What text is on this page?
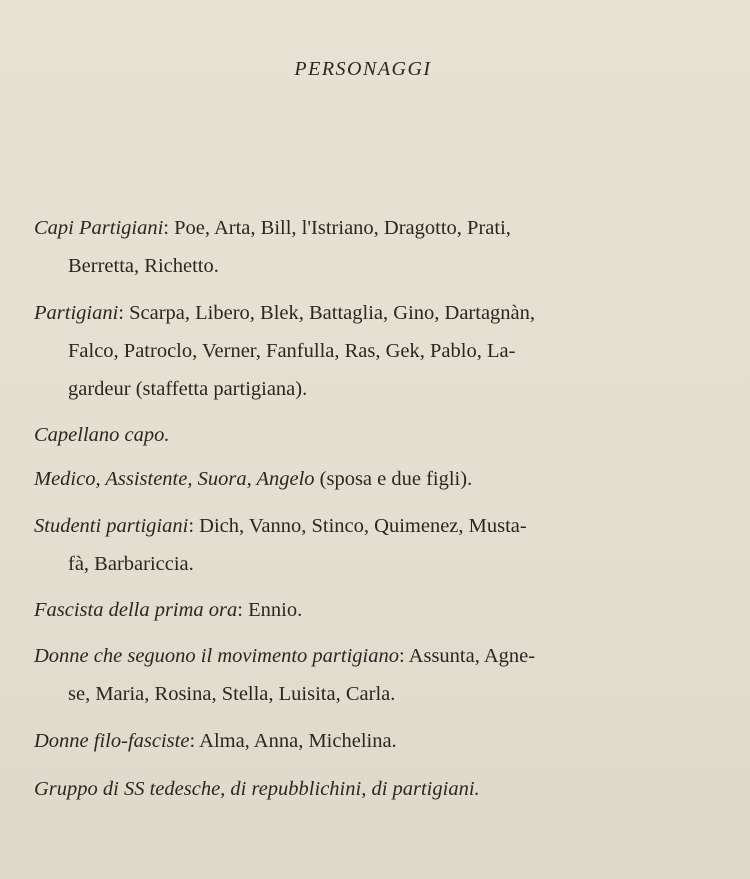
PERSONAGGI
Capi Partigiani: Poe, Arta, Bill, l'Istriano, Dragotto, Prati,
Berretta, Richetto.
Partigiani: Scarpa, Libero, Blek, Battaglia, Gino, Dartagnàn,
Falco, Patroclo, Verner, Fanfulla, Ras, Gek, Pablo, La-
gardeur (staffetta partigiana).
Capellano capo.
Medico, Assistente, Suora, Angelo (sposa e due figli).
Studenti partigiani: Dich, Vanno, Stinco, Quimenez, Musta-
fà, Barbariccia.
Fascista della prima ora: Ennio.
Donne che seguono il movimento partigiano: Assunta, Agne-
se, Maria, Rosina, Stella, Luisita, Carla.
Donne filo-fasciste: Alma, Anna, Michelina.
Gruppo di SS tedesche, di repubblichini, di partigiani.
